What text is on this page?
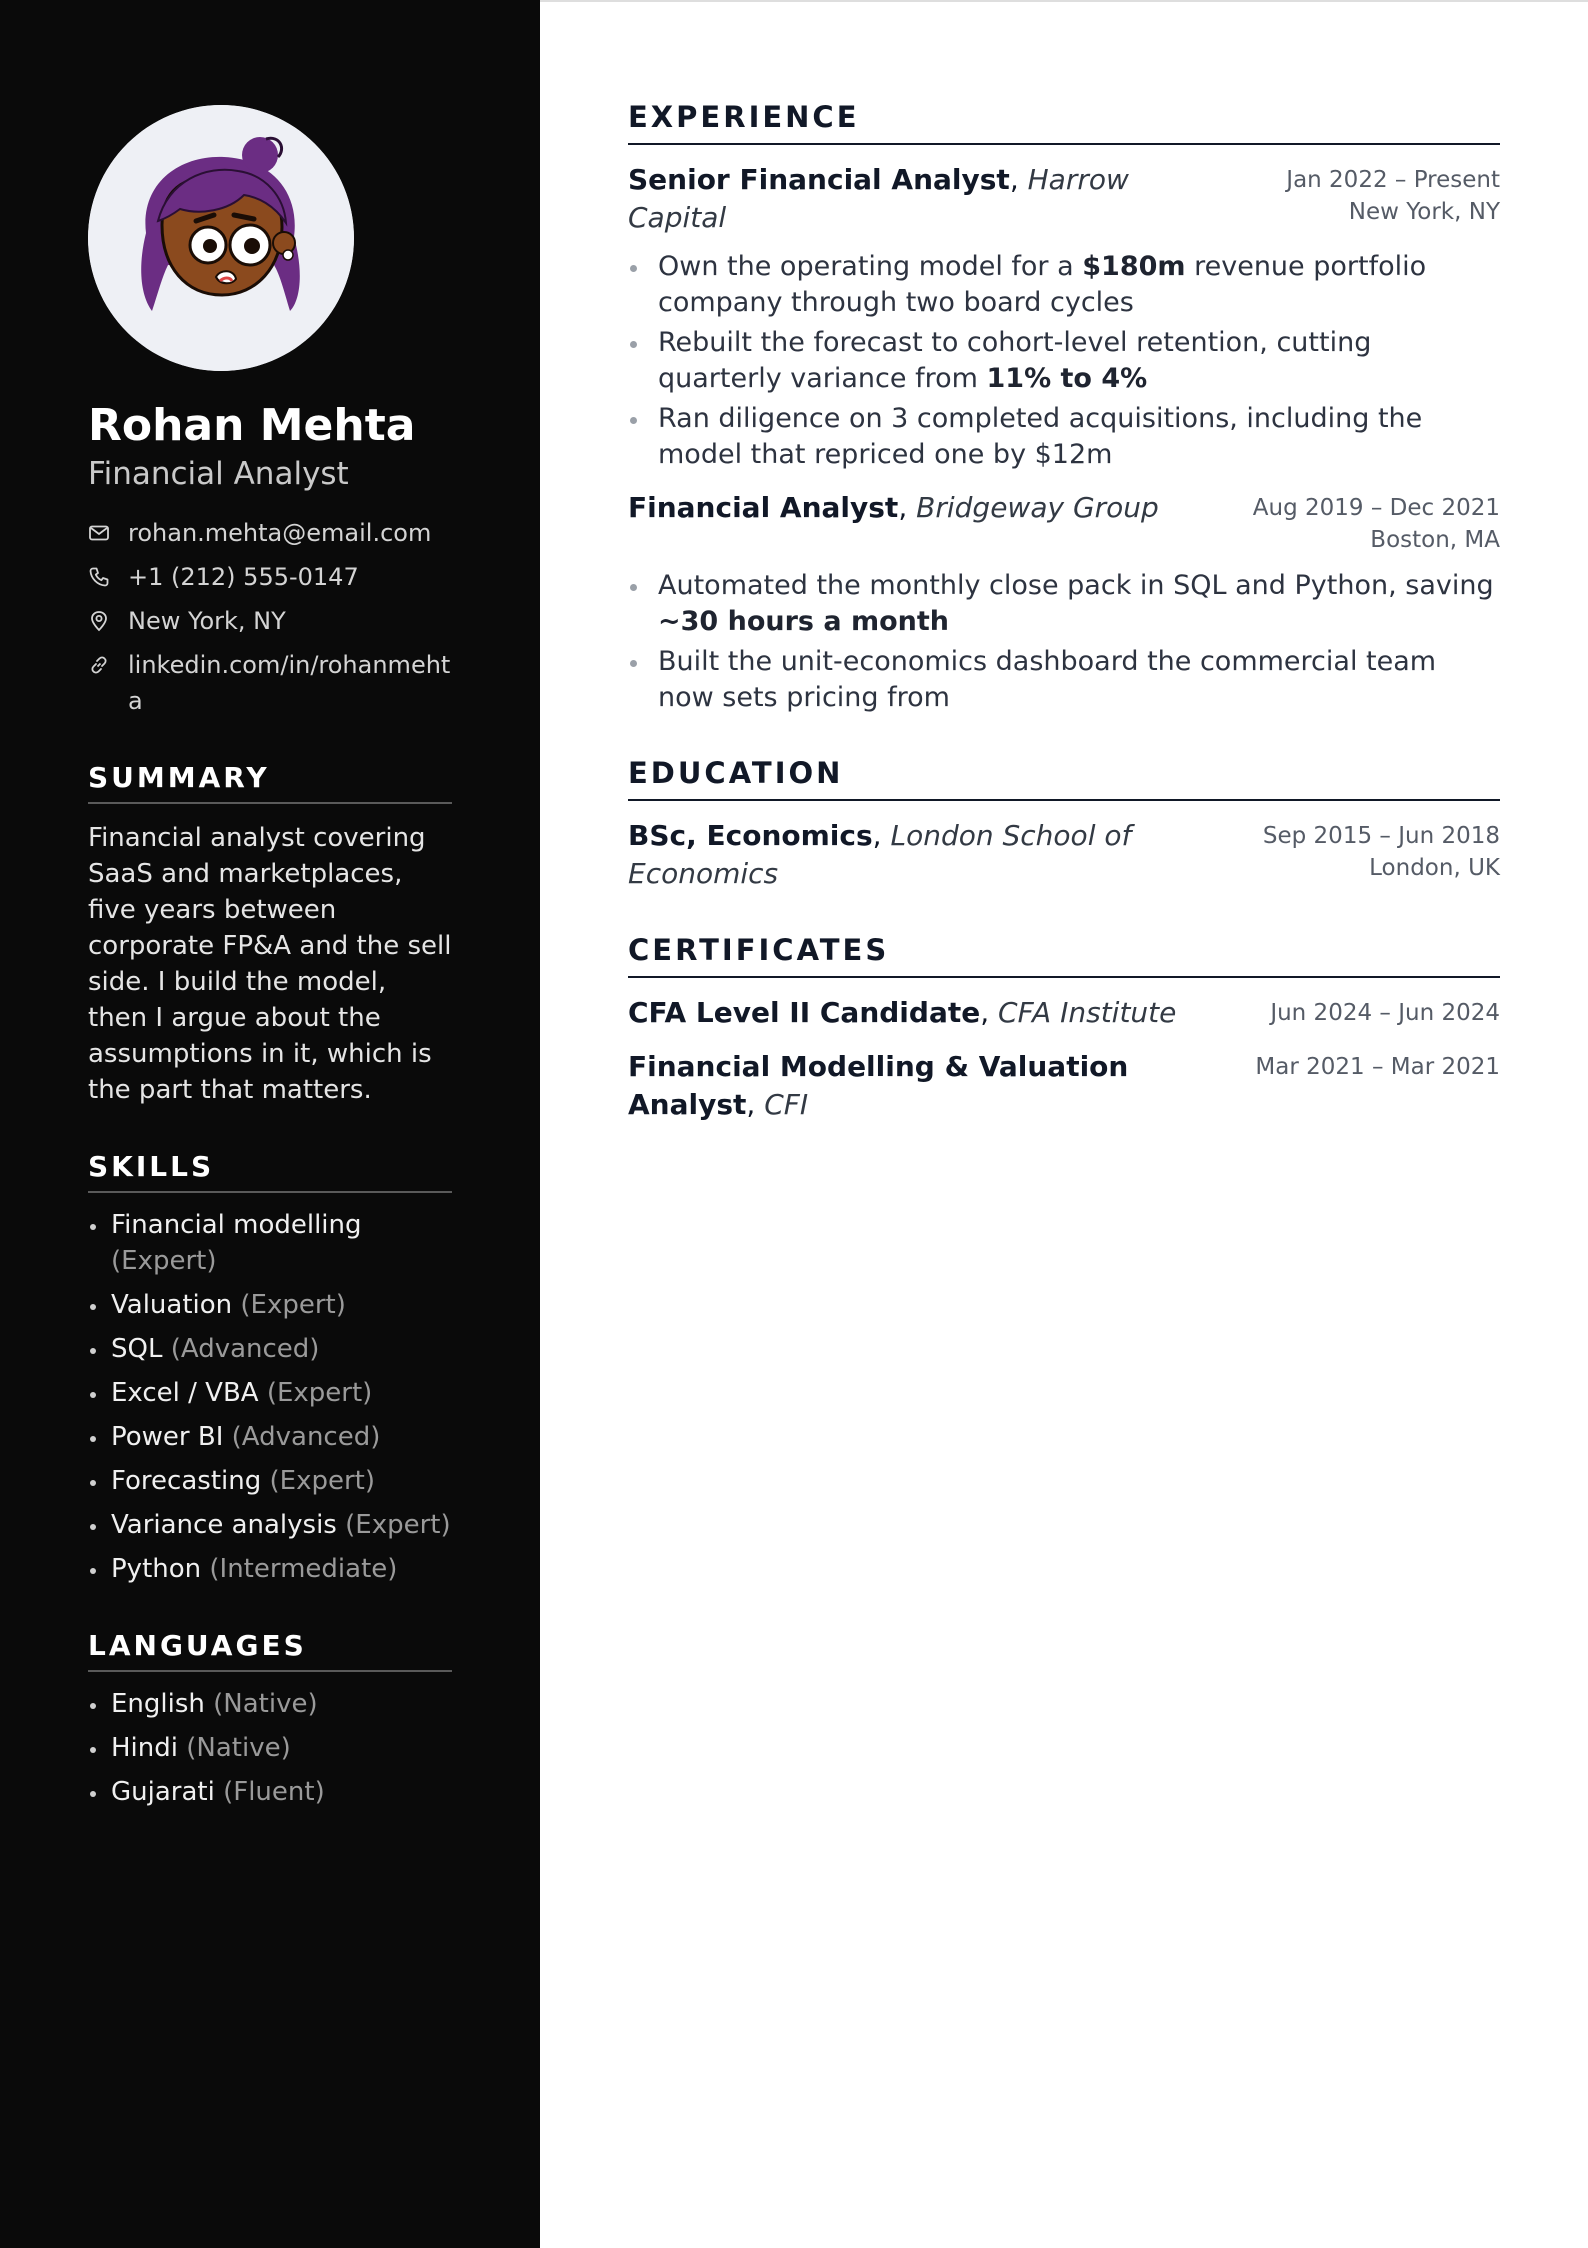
Rohan Mehta
Financial Analyst
rohan.mehta@email.com
+1 (212) 555-0147
New York, NY
linkedin.com/in/rohanmehta
SUMMARY
Financial analyst covering SaaS and marketplaces, five years between corporate FP&A and the sell side. I build the model, then I argue about the assumptions in it, which is the part that matters.
SKILLS
Financial modelling (Expert)
Valuation (Expert)
SQL (Advanced)
Excel / VBA (Expert)
Power BI (Advanced)
Forecasting (Expert)
Variance analysis (Expert)
Python (Intermediate)
LANGUAGES
English (Native)
Hindi (Native)
Gujarati (Fluent)
EXPERIENCE
Senior Financial Analyst, Harrow Capital
Jan 2022 – Present
New York, NY
Own the operating model for a $180m revenue portfolio company through two board cycles
Rebuilt the forecast to cohort-level retention, cutting quarterly variance from 11% to 4%
Ran diligence on 3 completed acquisitions, including the model that repriced one by $12m
Financial Analyst, Bridgeway Group	Aug 2019 – Dec 2021
Boston, MA
Automated the monthly close pack in SQL and Python, saving ~30 hours a month
Built the unit-economics dashboard the commercial team now sets pricing from
EDUCATION
BSc, Economics, London School of Economics
Sep 2015 – Jun 2018
London, UK
CERTIFICATES
CFA Level II Candidate, CFA Institute	Jun 2024 – Jun 2024
Financial Modelling & Valuation Analyst, CFI
Mar 2021 – Mar 2021
